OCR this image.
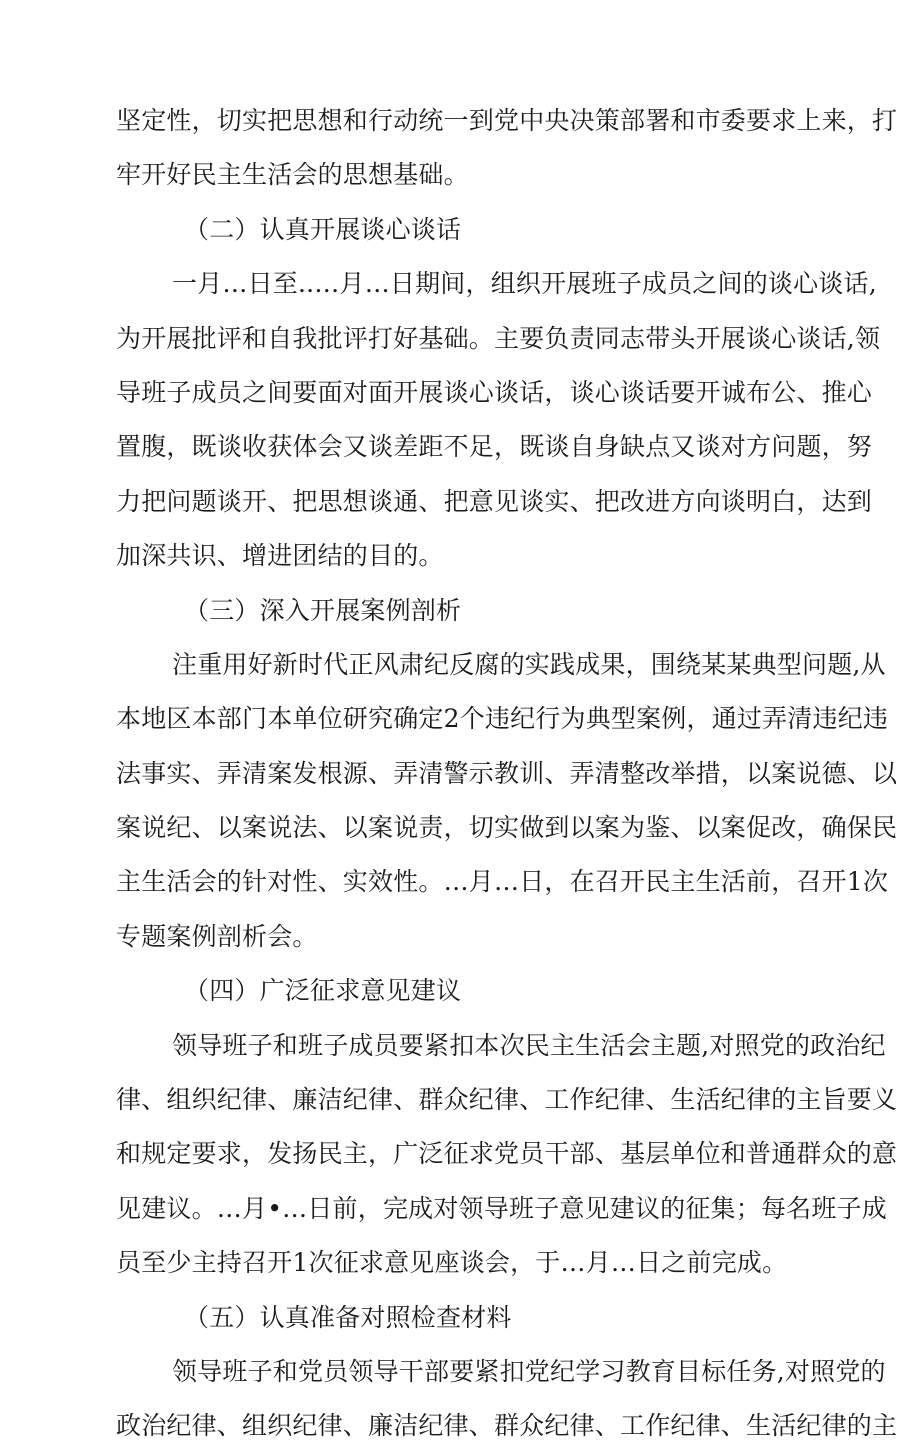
坚定性，切实把思想和行动统一到党中央决策部署和市委要求上来，打
牢开好民主生活会的思想基础。
（二）认真开展谈心谈话
一月…日至..…月…日期间，组织开展班子成员之间的谈心谈话,
为开展批评和自我批评打好基础。主要负责同志带头开展谈心谈话,领
导班子成员之间要面对面开展谈心谈话，谈心谈话要开诚布公、推心
置腹，既谈收获体会又谈差距不足，既谈自身缺点又谈对方问题，努
力把问题谈开、把思想谈通、把意见谈实、把改进方向谈明白，达到
加深共识、增进团结的目的。
（三）深入开展案例剖析
注重用好新时代正风肃纪反腐的实践成果，围绕某某典型问题,从
本地区本部门本单位研究确定2个违纪行为典型案例，通过弄清违纪违
法事实、弄清案发根源、弄清警示教训、弄清整改举措，以案说德、以
案说纪、以案说法、以案说责，切实做到以案为鉴、以案促改，确保民
主生活会的针对性、实效性。…月…日，在召开民主生活前，召开1次
专题案例剖析会。
（四）广泛征求意见建议
领导班子和班子成员要紧扣本次民主生活会主题,对照党的政治纪
律、组织纪律、廉洁纪律、群众纪律、工作纪律、生活纪律的主旨要义
和规定要求，发扬民主，广泛征求党员干部、基层单位和普通群众的意
见建议。…月•…日前，完成对领导班子意见建议的征集；每名班子成
员至少主持召开1次征求意见座谈会，于…月…日之前完成。
（五）认真准备对照检查材料
领导班子和党员领导干部要紧扣党纪学习教育目标任务,对照党的
政治纪律、组织纪律、廉洁纪律、群众纪律、工作纪律、生活纪律的主
